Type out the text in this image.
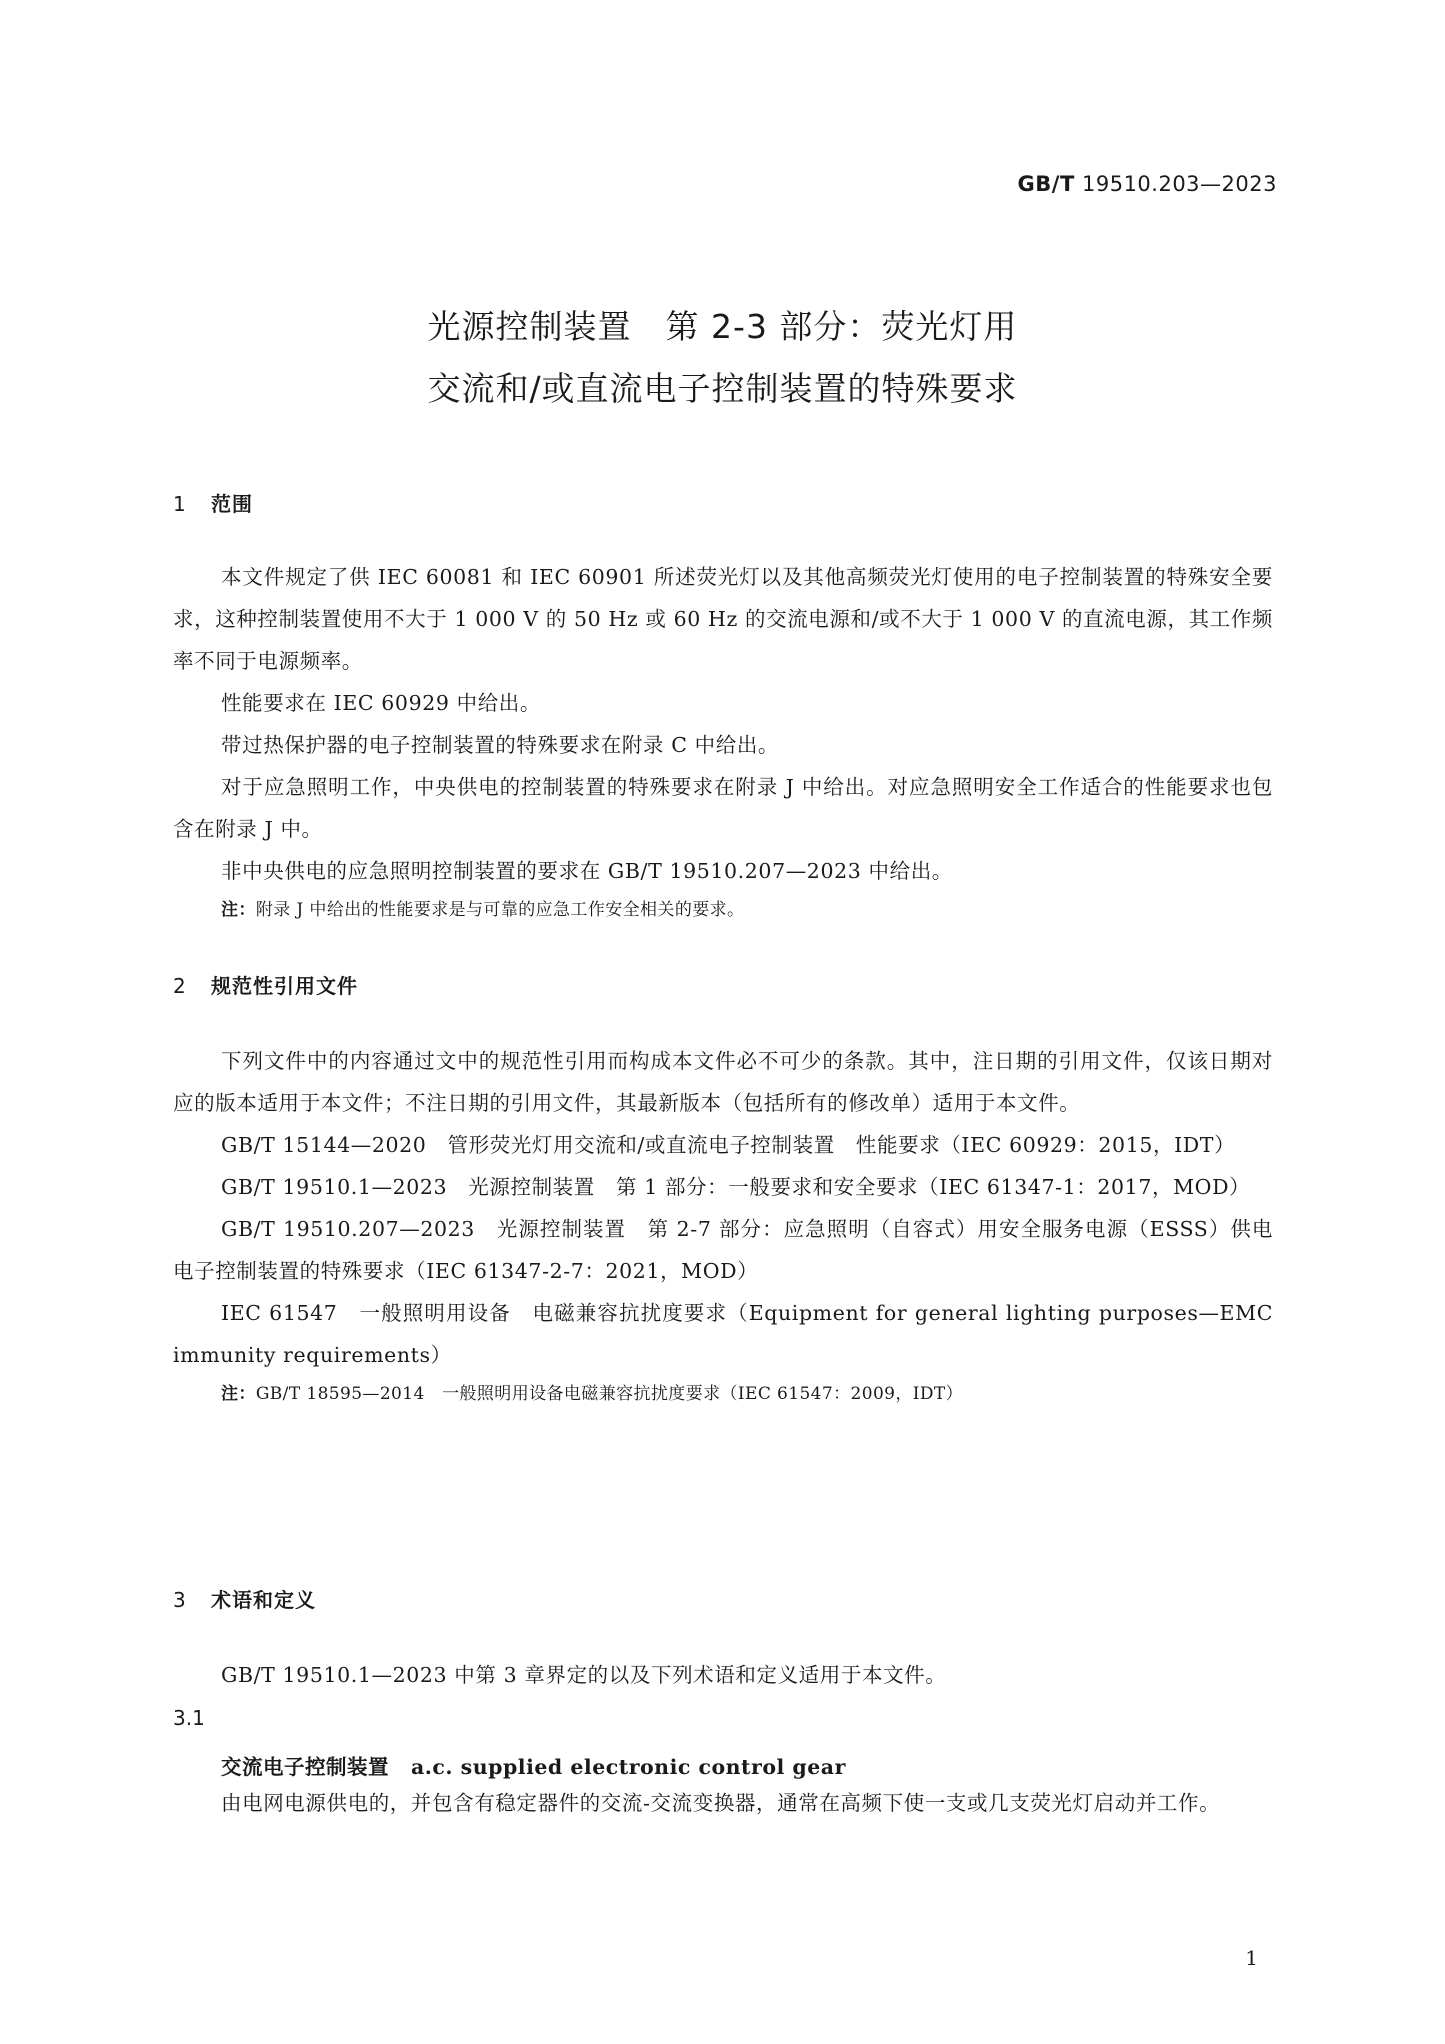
GB/T 19510.203—2023
光源控制装置　第 2-3 部分：荧光灯用
交流和/或直流电子控制装置的特殊要求
1 范围

本文件规定了供 IEC 60081 和 IEC 60901 所述荧光灯以及其他高频荧光灯使用的电子控制装置的特殊安全要求，这种控制装置使用不大于 1 000 V 的 50 Hz 或 60 Hz 的交流电源和/或不大于 1 000 V 的直流电源，其工作频率不同于电源频率。

性能要求在 IEC 60929 中给出。

带过热保护器的电子控制装置的特殊要求在附录 C 中给出。

对于应急照明工作，中央供电的控制装置的特殊要求在附录 J 中给出。对应急照明安全工作适合的性能要求也包含在附录 J 中。

非中央供电的应急照明控制装置的要求在 GB/T 19510.207—2023 中给出。

注：附录 J 中给出的性能要求是与可靠的应急工作安全相关的要求。

2 规范性引用文件

下列文件中的内容通过文中的规范性引用而构成本文件必不可少的条款。其中，注日期的引用文件，仅该日期对应的版本适用于本文件；不注日期的引用文件，其最新版本（包括所有的修改单）适用于本文件。

GB/T 15144—2020　管形荧光灯用交流和/或直流电子控制装置　性能要求（IEC 60929：2015，IDT）

GB/T 19510.1—2023　光源控制装置　第 1 部分：一般要求和安全要求（IEC 61347-1：2017，MOD）

GB/T 19510.207—2023　光源控制装置　第 2-7 部分：应急照明（自容式）用安全服务电源（ESSS）供电电子控制装置的特殊要求（IEC 61347-2-7：2021，MOD）

IEC 61547　一般照明用设备　电磁兼容抗扰度要求（Equipment for general lighting purposes—EMC immunity requirements）

注：GB/T 18595—2014　一般照明用设备电磁兼容抗扰度要求（IEC 61547：2009，IDT）

3 术语和定义

GB/T 19510.1—2023 中第 3 章界定的以及下列术语和定义适用于本文件。

3.1
交流电子控制装置 a.c. supplied electronic control gear

由电网电源供电的，并包含有稳定器件的交流-交流变换器，通常在高频下使一支或几支荧光灯启动并工作。

1
